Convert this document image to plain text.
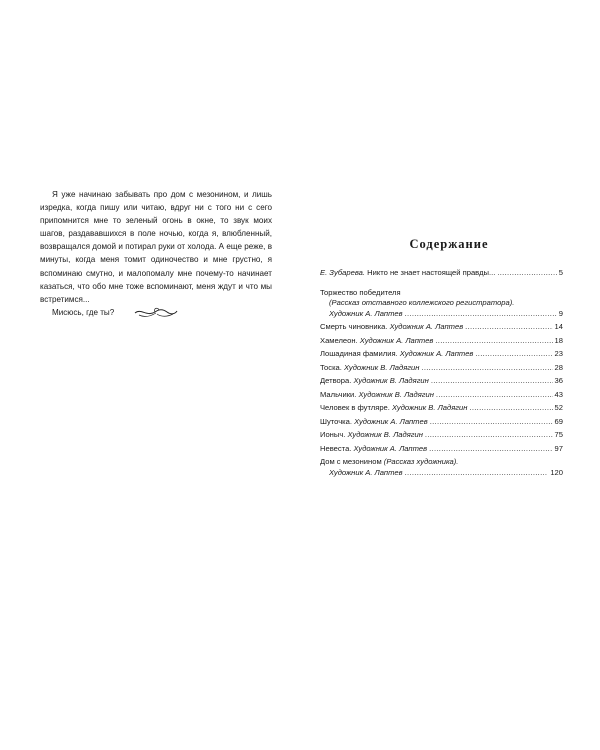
Я уже начинаю забывать про дом с мезонином, и лишь изредка, когда пишу или читаю, вдруг ни с того ни с сего припомнится мне то зеленый огонь в окне, то звук моих шагов, раздававшихся в поле ночью, когда я, влюбленный, возвращался домой и потирал руки от холода. А еще реже, в минуты, когда меня томит одиночество и мне грустно, я вспоминаю смутно, и малопомалу мне почему-то начинает казаться, что обо мне тоже вспоминают, меня ждут и что мы встретимся...

Мисюсь, где ты?

Содержание
Е. Зубарева. Никто не знает настоящей правды... . . .	5
Торжество победителя
(Рассказ отставного коллежского регистратора).
Художник А. Лаптев . . .	9
Смерть чиновника. Художник А. Лаптев . . .	14
Хамелеон. Художник А. Лаптев . . .	18
Лошадиная фамилия. Художник А. Лаптев . . .	23
Тоска. Художник В. Ладягин . . .	28
Детвора. Художник В. Ладягин . . .	36
Мальчики. Художник В. Ладягин . . .	43
Человек в футляре. Художник В. Ладягин . . .	52
Шуточка. Художник А. Лаптев . . .	69
Ионыч. Художник В. Ладягин . . .	75
Невеста. Художник А. Лаптев . . .	97
Дом с мезонином (Рассказ художника).
Художник А. Лаптев . . .	120
